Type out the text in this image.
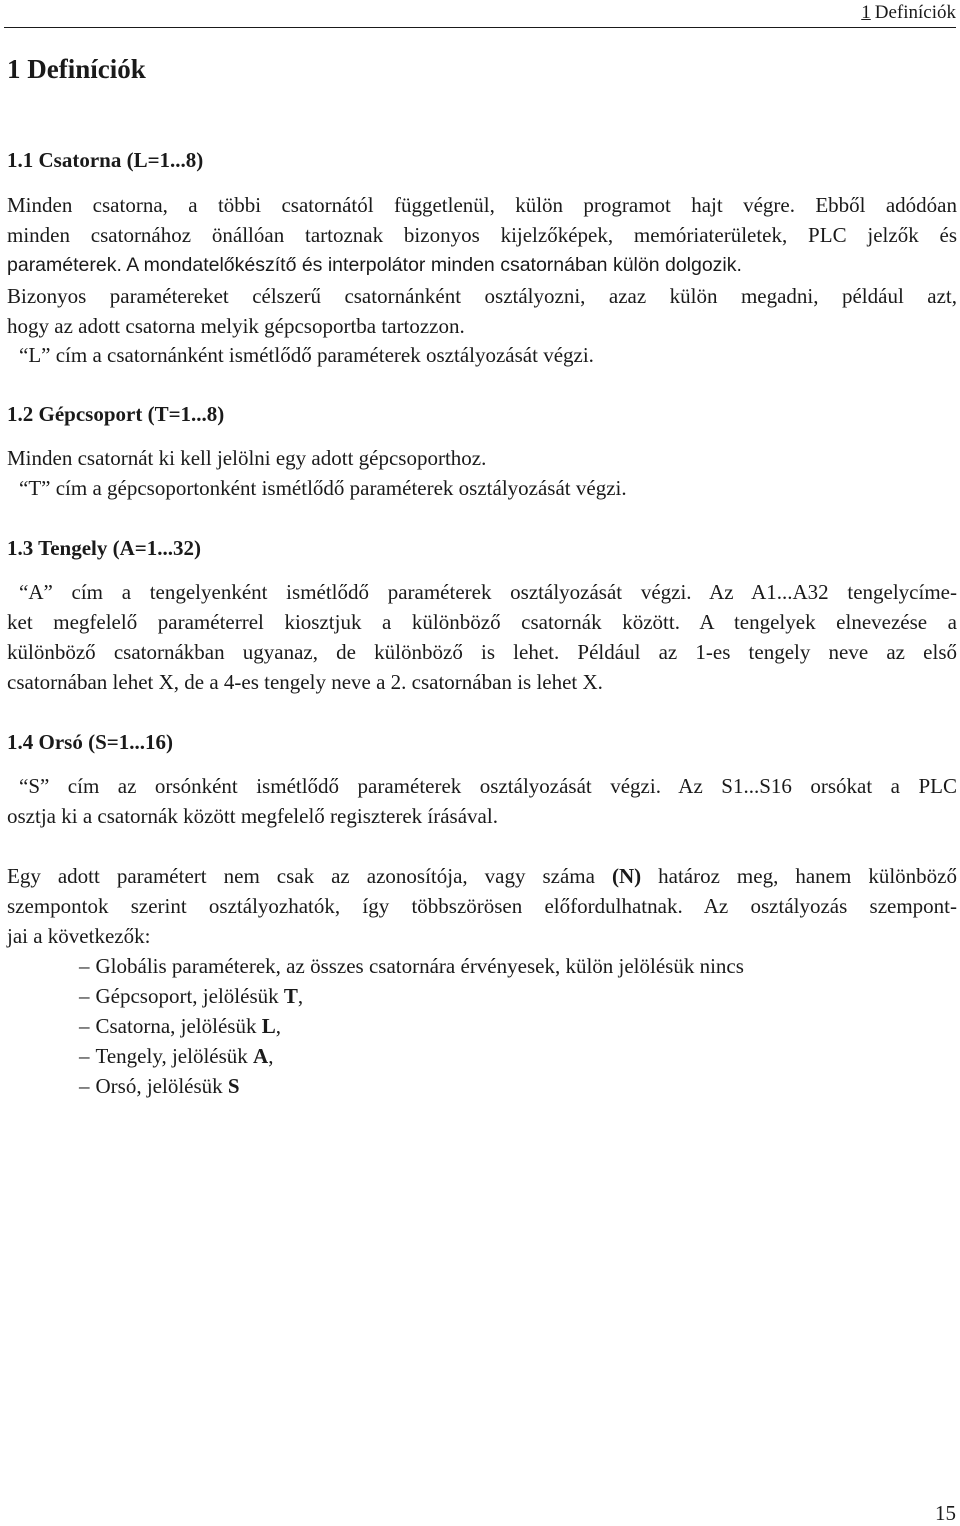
1 Definíciók
1 Definíciók
1.1 Csatorna (L=1...8)
Minden csatorna, a többi csatornától függetlenül, külön programot hajt végre. Ebből adódóan
minden csatornához önállóan tartoznak bizonyos kijelzőképek, memóriaterületek, PLC jelzők és
paraméterek. A mondatelőkészítő és interpolátor minden csatornában külön dolgozik.
Bizonyos paramétereket célszerű csatornánként osztályozni, azaz külön megadni, például azt,
hogy az adott csatorna melyik gépcsoportba tartozzon.
“L” cím a csatornánként ismétlődő paraméterek osztályozását végzi.
1.2 Gépcsoport (T=1...8)
Minden csatornát ki kell jelölni egy adott gépcsoporthoz.
“T” cím a gépcsoportonként ismétlődő paraméterek osztályozását végzi.
1.3 Tengely (A=1...32)
“A” cím a tengelyenként ismétlődő paraméterek osztályozását végzi. Az A1...A32 tengelycíme-
ket megfelelő paraméterrel kiosztjuk a különböző csatornák között. A tengelyek elnevezése a
különböző csatornákban ugyanaz, de különböző is lehet. Például az 1-es tengely neve az első
csatornában lehet X, de a 4-es tengely neve a 2. csatornában is lehet X.
1.4 Orsó (S=1...16)
“S” cím az orsónként ismétlődő paraméterek osztályozását végzi. Az S1...S16 orsókat a PLC
osztja ki a csatornák között megfelelő regiszterek írásával.
Egy adott paramétert nem csak az azonosítója, vagy száma (N) határoz meg, hanem különböző
szempontok szerint osztályozhatók, így többszörösen előfordulhatnak. Az osztályozás szempont-
jai a következők:
– Globális paraméterek, az összes csatornára érvényesek, külön jelölésük nincs
– Gépcsoport, jelölésük T,
– Csatorna, jelölésük L,
– Tengely, jelölésük A,
– Orsó, jelölésük S
15
